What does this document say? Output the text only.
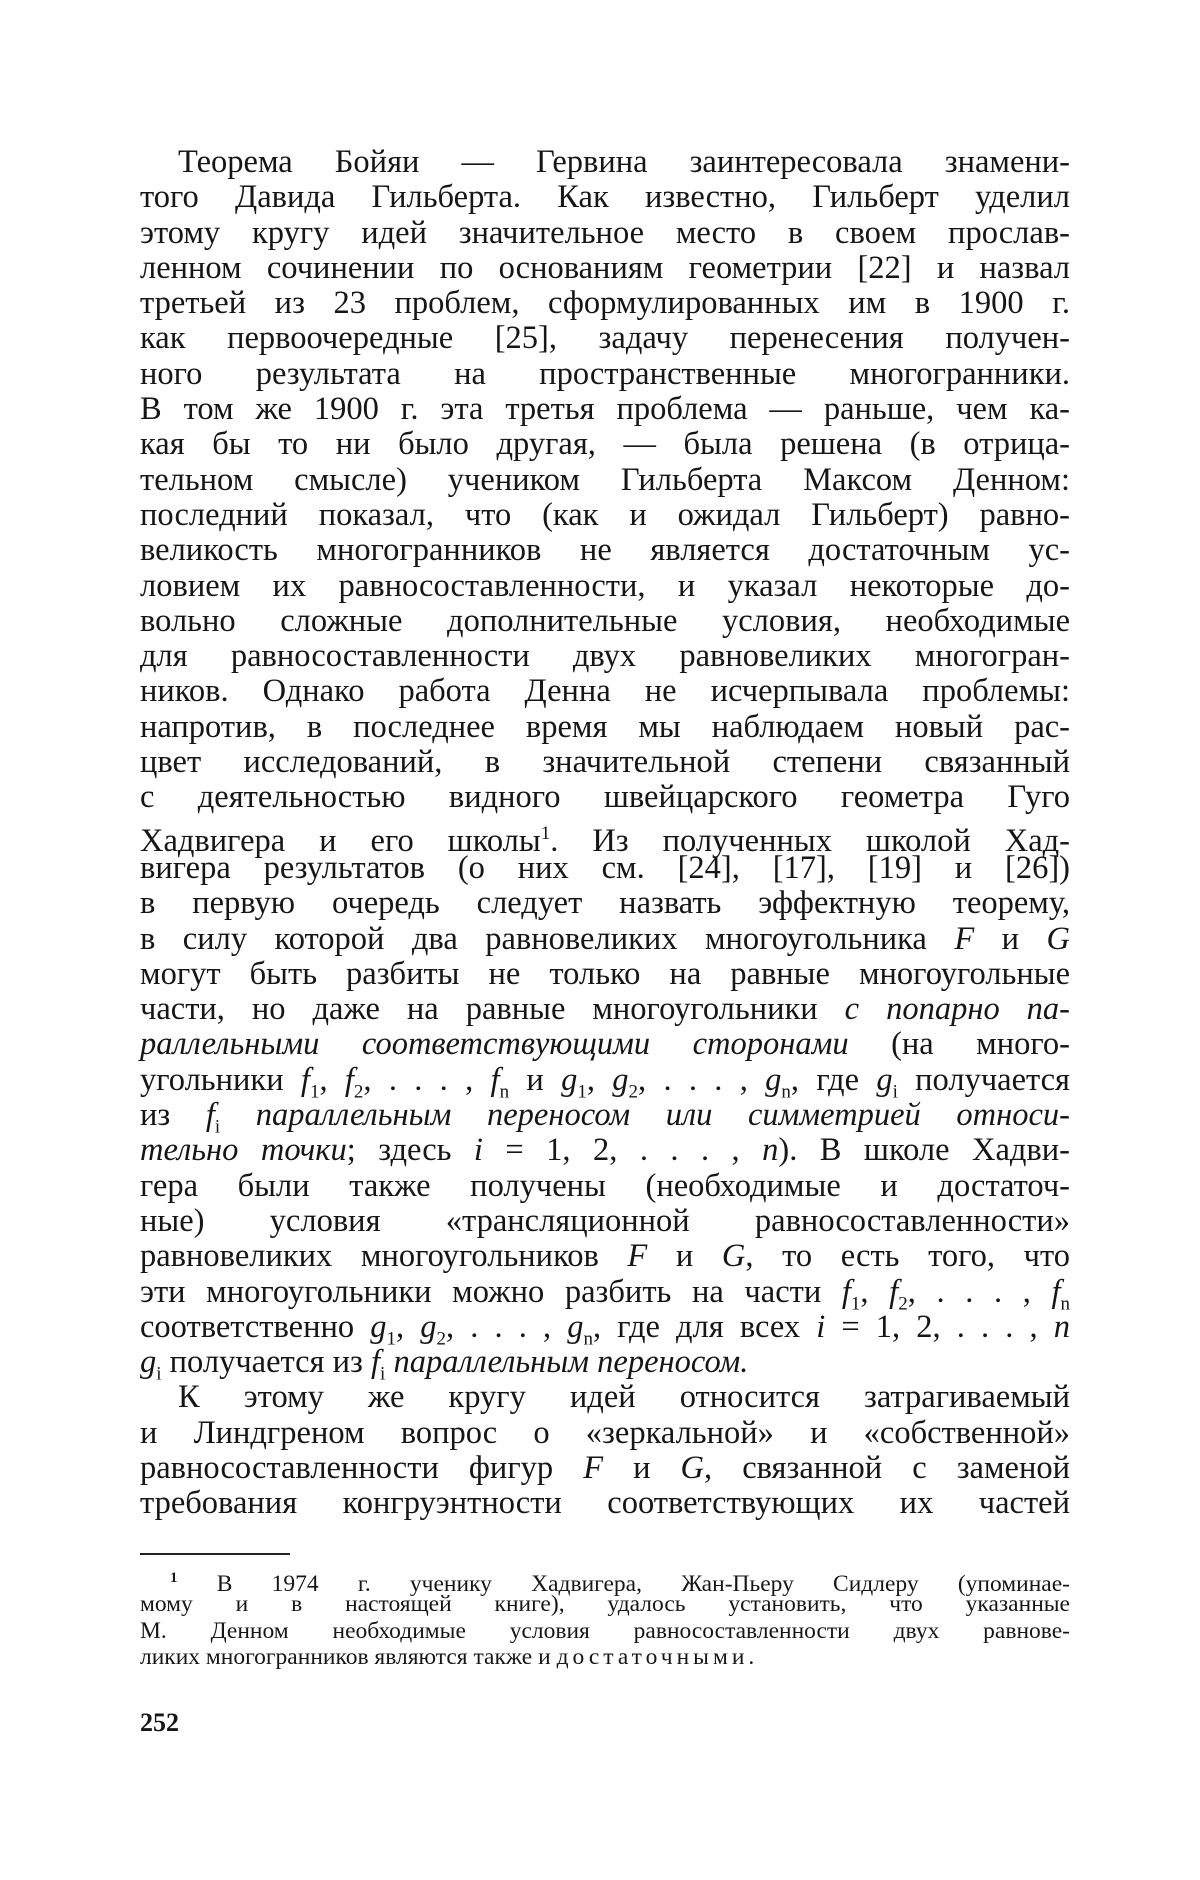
Теорема Бойяи — Гервина заинтересовала знамени-
того Давида Гильберта. Как известно, Гильберт уделил
этому кругу идей значительное место в своем прослав-
ленном сочинении по основаниям геометрии [22] и назвал
третьей из 23 проблем, сформулированных им в 1900 г.
как первоочередные [25], задачу перенесения получен-
ного результата на пространственные многогранники.
В том же 1900 г. эта третья проблема — раньше, чем ка-
кая бы то ни было другая, — была решена (в отрица-
тельном смысле) учеником Гильберта Максом Денном:
последний показал, что (как и ожидал Гильберт) равно-
великость многогранников не является достаточным ус-
ловием их равносоставленности, и указал некоторые до-
вольно сложные дополнительные условия, необходимые
для равносоставленности двух равновеликих многогран-
ников. Однако работа Денна не исчерпывала проблемы:
напротив, в последнее время мы наблюдаем новый рас-
цвет исследований, в значительной степени связанный
с деятельностью видного швейцарского геометра Гуго
Хадвигера и его школы$^1$. Из полученных школой Хад-
вигера результатов (о них см. [24], [17], [19] и [26])
в первую очередь следует назвать эффектную теорему,
в силу которой два равновеликих многоугольника F и G
могут быть разбиты не только на равные многоугольные
части, но даже на равные многоугольники с попарно па-
раллельными соответствующими сторонами (на много-
угольники $f_1$, $f_2$, . . . , $f_n$ и $g_1$, $g_2$, . . . , $g_n$, где $g_i$ получается
из $f_i$ параллельным переносом или симметрией относи-
тельно точки; здесь i = 1, 2, . . . , n). В школе Хадви-
гера были также получены (необходимые и достаточ-
ные) условия «трансляционной равносоставленности»
равновеликих многоугольников F и G, то есть того, что
эти многоугольники можно разбить на части $f_1$, $f_2$, . . . , $f_n$
соответственно $g_1$, $g_2$, . . . , $g_n$, где для всех i = 1, 2, . . . , n
$g_i$ получается из $f_i$ параллельным переносом.
К этому же кругу идей относится затрагиваемый
и Линдгреном вопрос о «зеркальной» и «собственной»
равносоставленности фигур F и G, связанной с заменой
требования конгруэнтности соответствующих их частей
$^1$ В 1974 г. ученику Хадвигера, Жан-Пьеру Сидлеру (упоминае-
мому и в настоящей книге), удалось установить, что указанные
М. Денном необходимые условия равносоставленности двух равнове-
ликих многогранников являются также и достаточными.
252
